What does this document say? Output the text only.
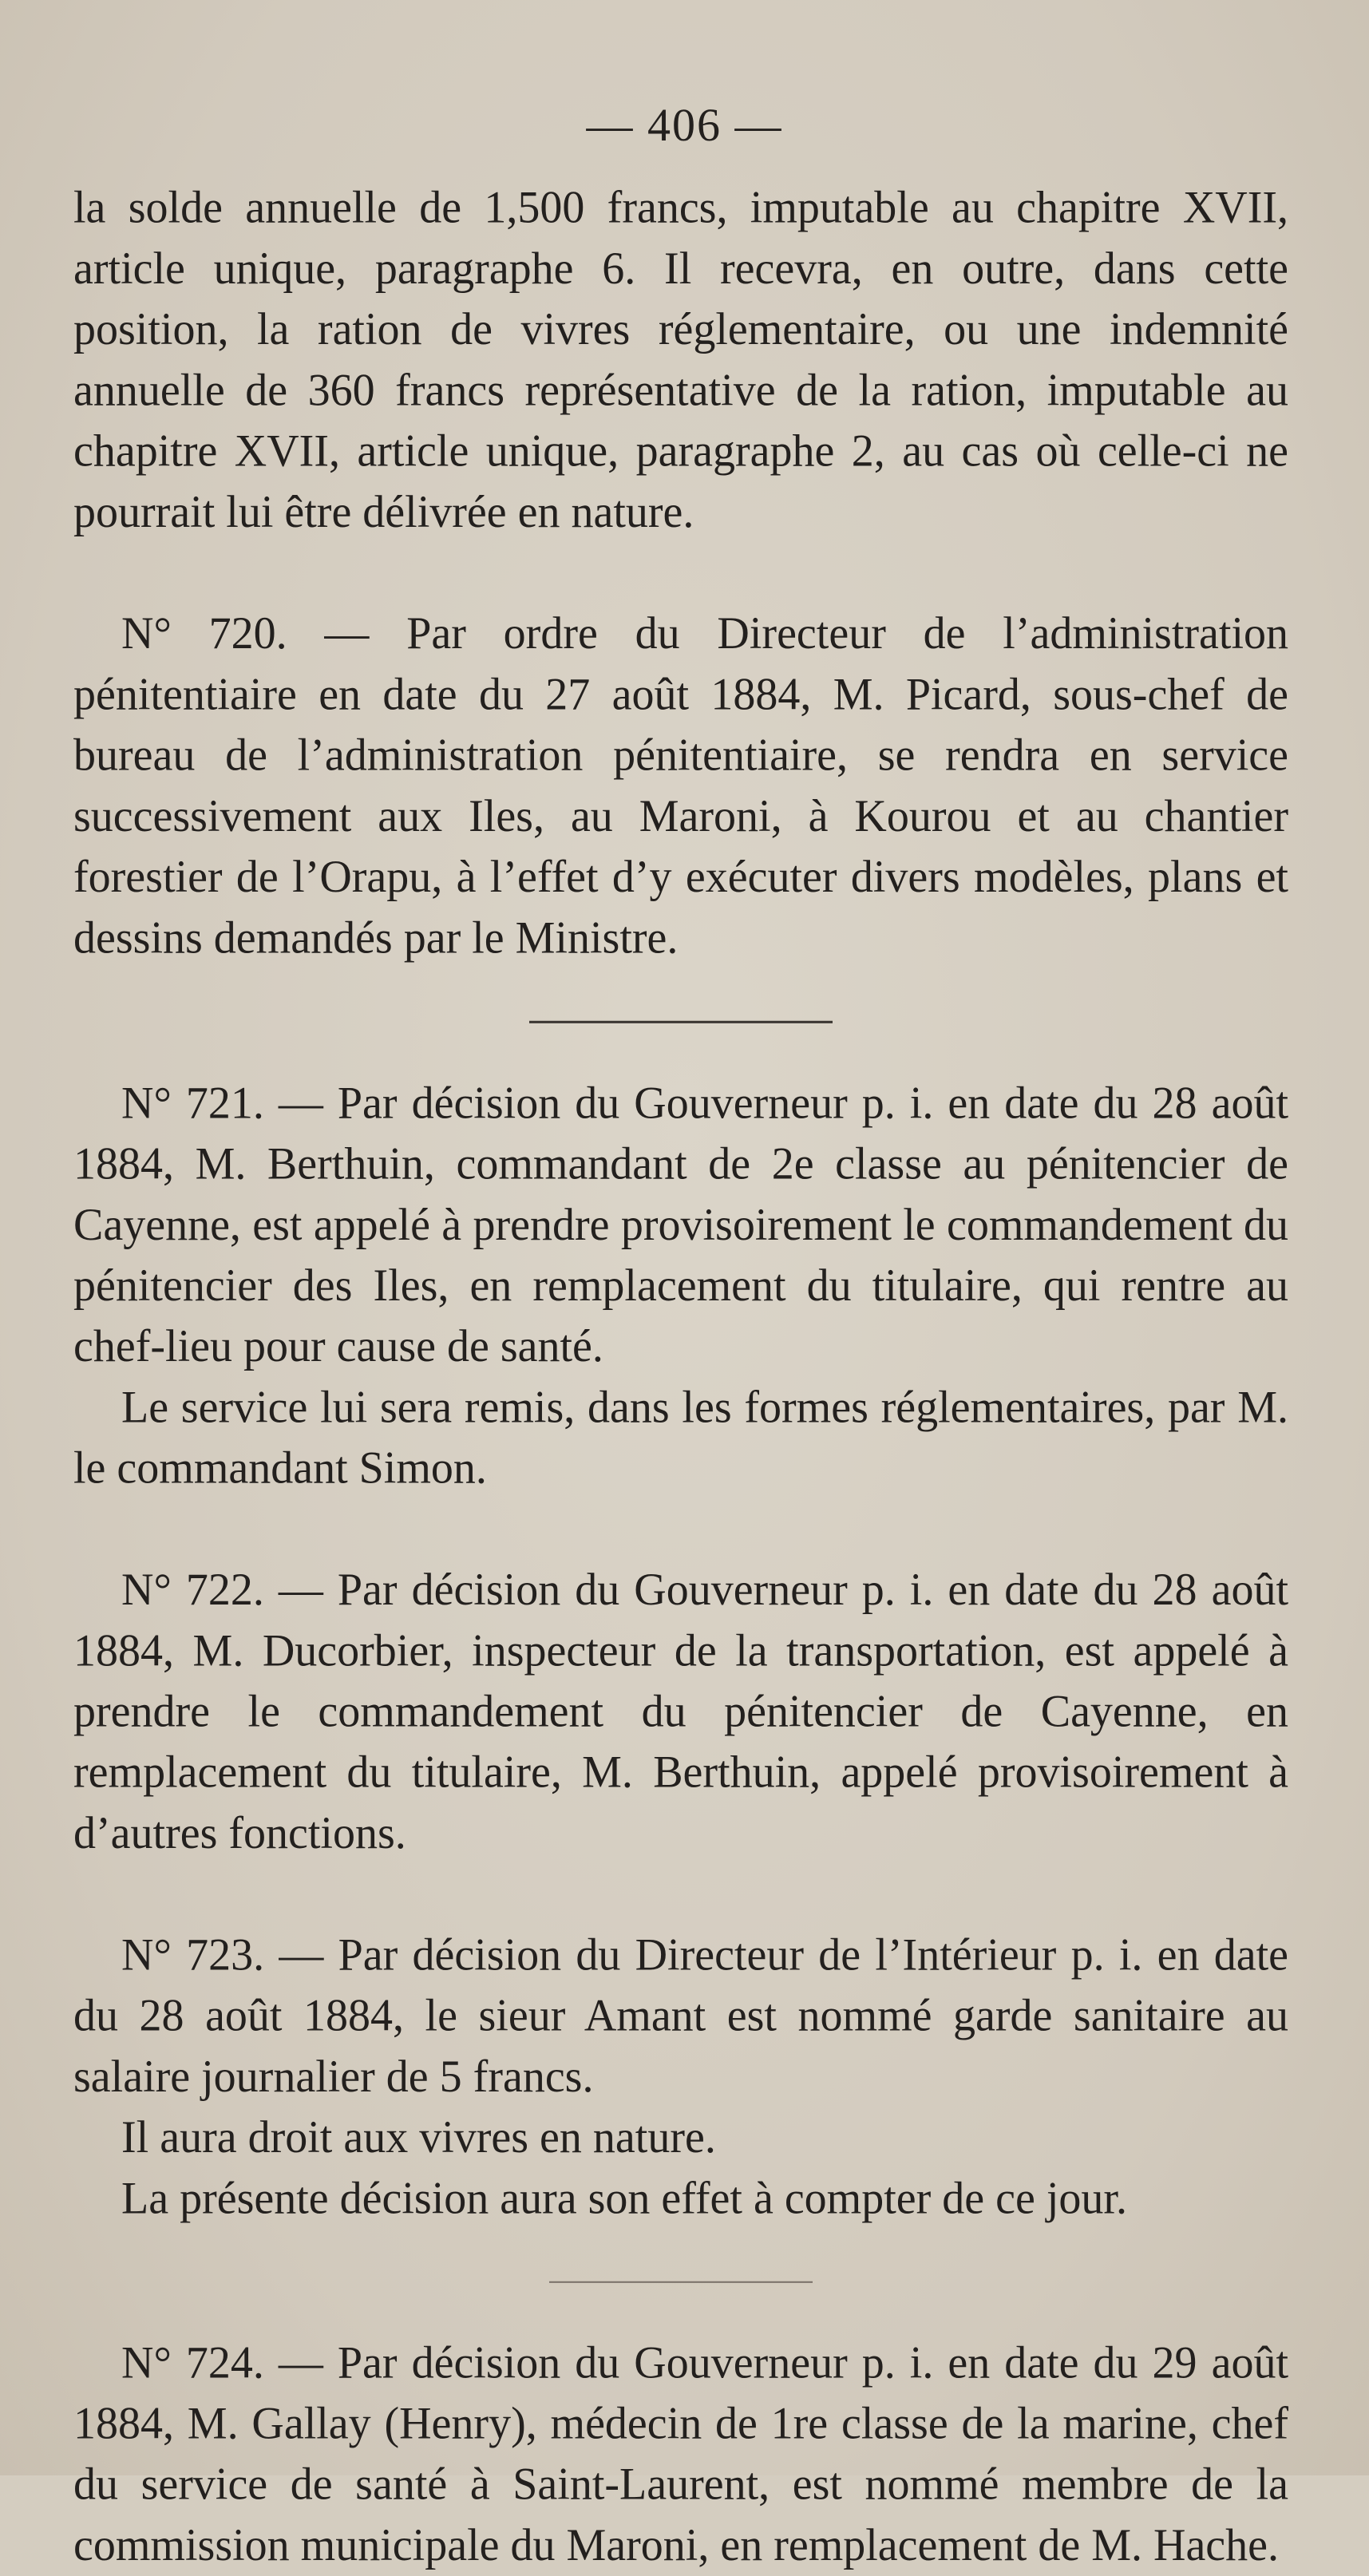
— 406 —

la solde annuelle de 1,500 francs, imputable au chapitre XVII, article unique, paragraphe 6. Il recevra, en outre, dans cette position, la ration de vivres réglementaire, ou une indemnité annuelle de 360 francs représentative de la ration, imputable au chapitre XVII, article unique, paragraphe 2, au cas où celle-ci ne pourrait lui être délivrée en nature.

N° 720. — Par ordre du Directeur de l’administration pénitentiaire en date du 27 août 1884, M. Picard, sous-chef de bureau de l’administration pénitentiaire, se rendra en service successivement aux Iles, au Maroni, à Kourou et au chantier forestier de l’Orapu, à l’effet d’y exécuter divers modèles, plans et dessins demandés par le Ministre.

N° 721. — Par décision du Gouverneur p. i. en date du 28 août 1884, M. Berthuin, commandant de 2e classe au pénitencier de Cayenne, est appelé à prendre provisoirement le commandement du pénitencier des Iles, en remplacement du titulaire, qui rentre au chef-lieu pour cause de santé.

Le service lui sera remis, dans les formes réglementaires, par M. le commandant Simon.

N° 722. — Par décision du Gouverneur p. i. en date du 28 août 1884, M. Ducorbier, inspecteur de la transportation, est appelé à prendre le commandement du pénitencier de Cayenne, en remplacement du titulaire, M. Berthuin, appelé provisoirement à d’autres fonctions.

N° 723. — Par décision du Directeur de l’Intérieur p. i. en date du 28 août 1884, le sieur Amant est nommé garde sanitaire au salaire journalier de 5 francs.

Il aura droit aux vivres en nature.

La présente décision aura son effet à compter de ce jour.

N° 724. — Par décision du Gouverneur p. i. en date du 29 août 1884, M. Gallay (Henry), médecin de 1re classe de la marine, chef du service de santé à Saint-Laurent, est nommé membre de la commission municipale du Maroni, en remplacement de M. Hache.
